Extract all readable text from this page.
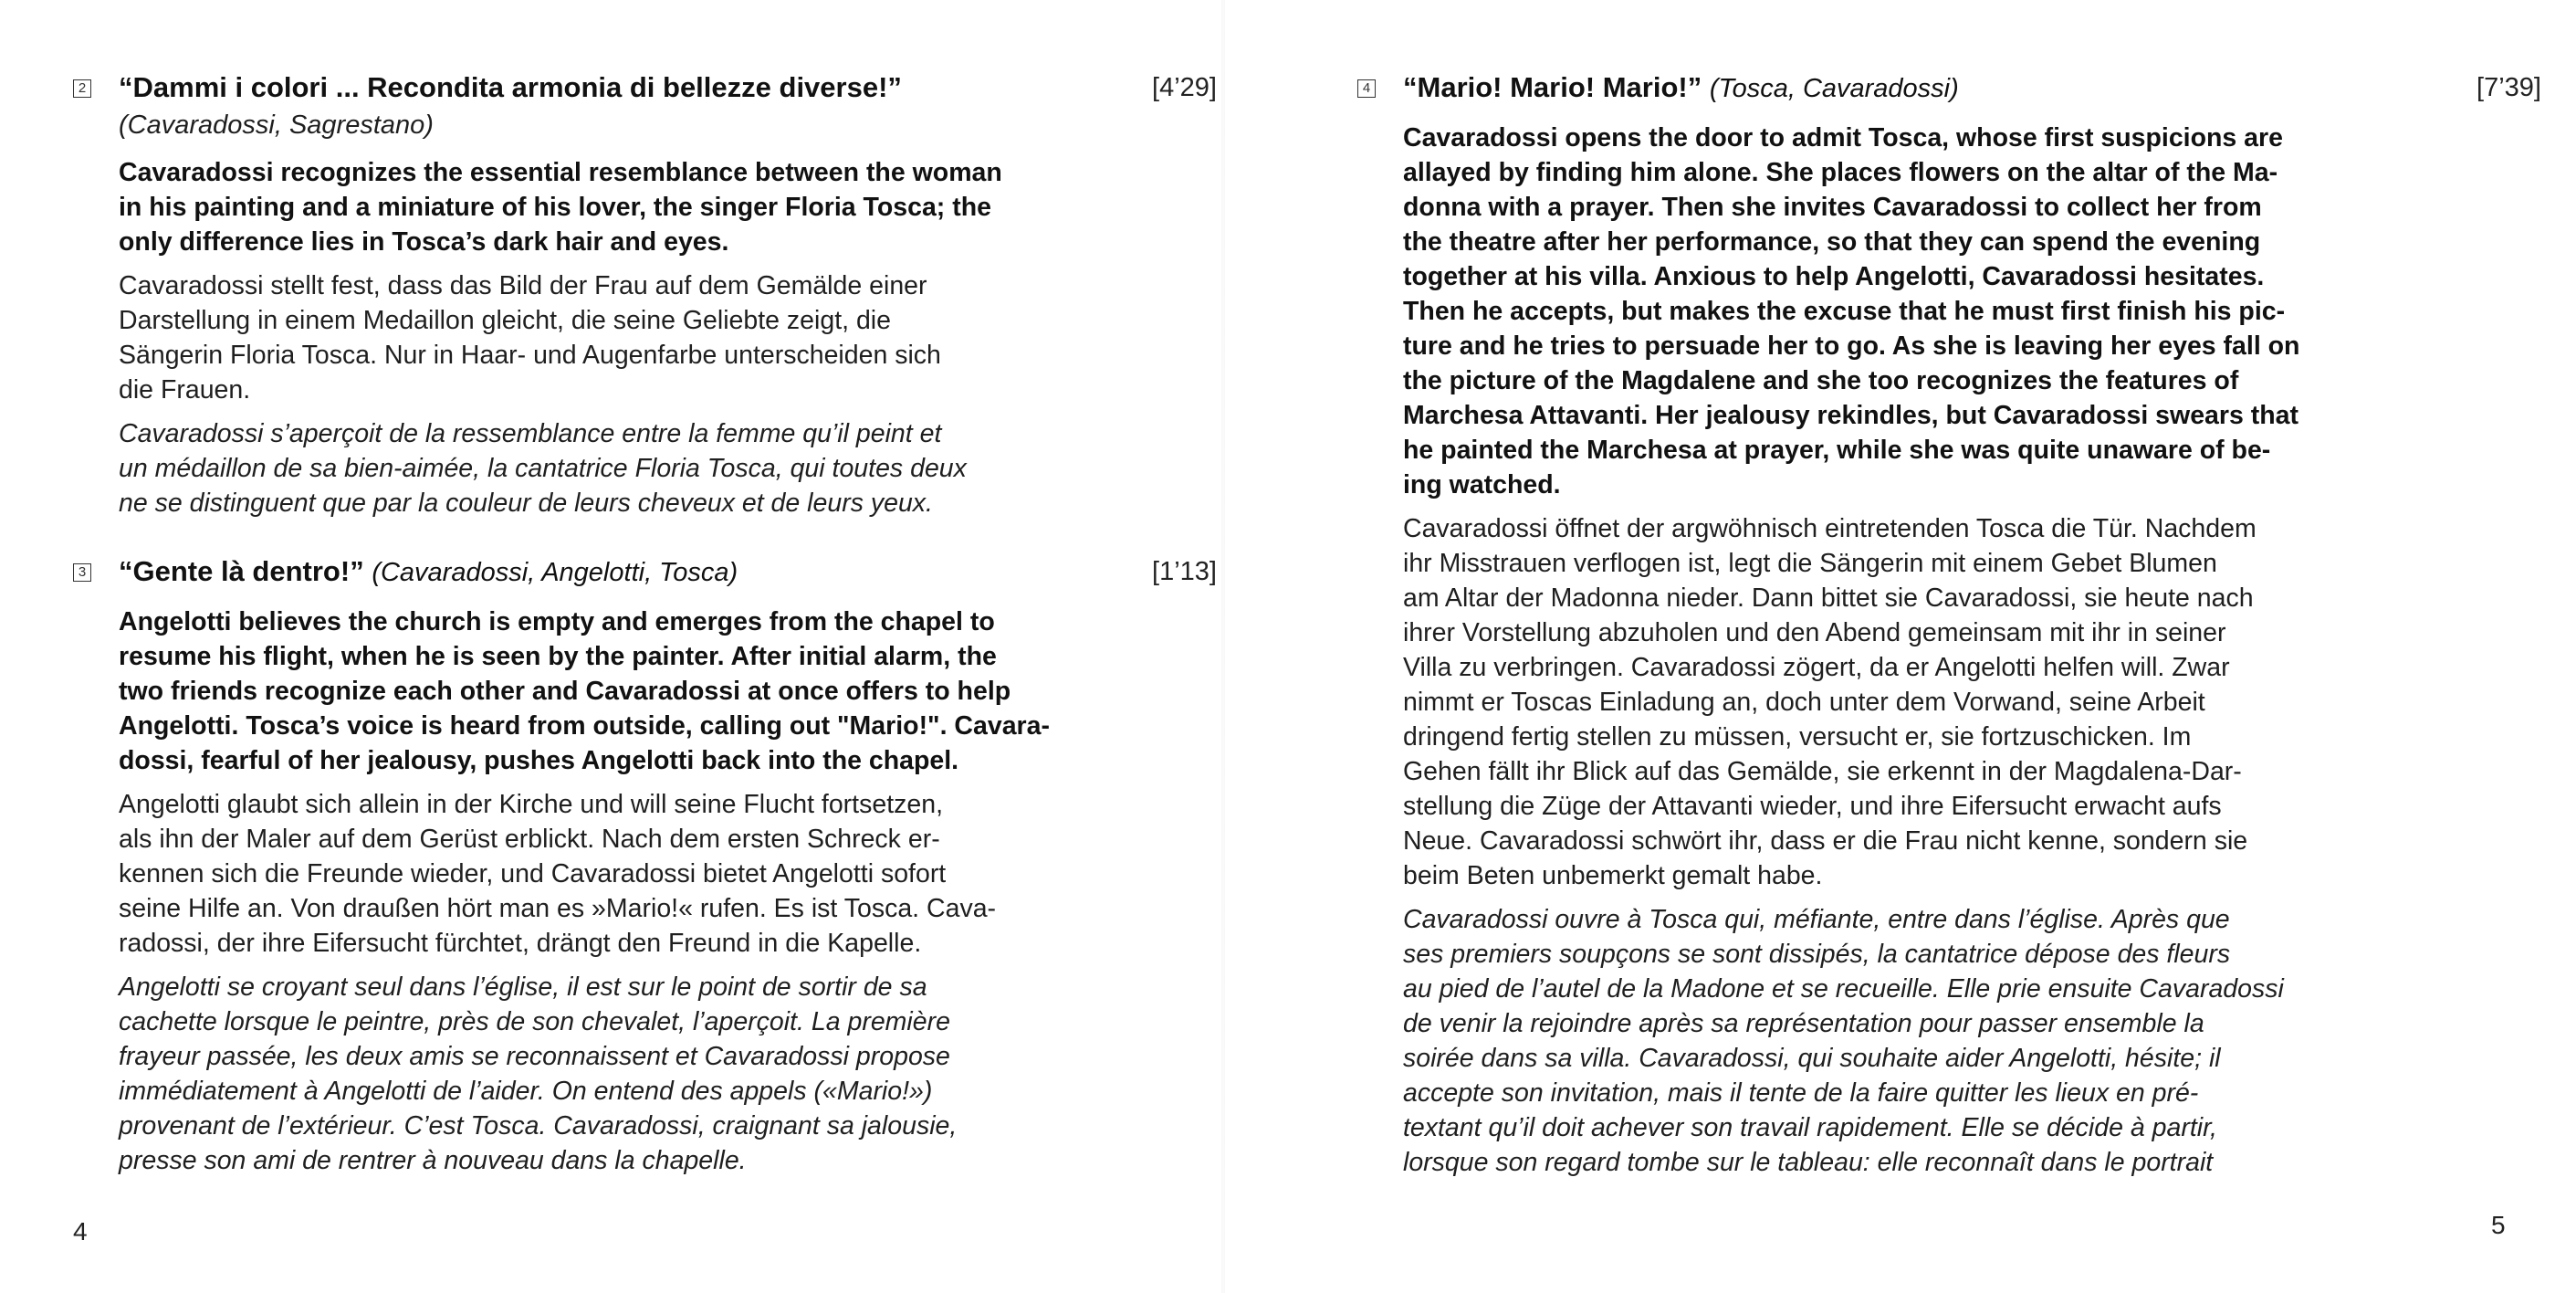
2 “Dammi i colori ... Recondita armonia di bellezze diverse!”	[4’29]
(Cavaradossi, Sagrestano)
Cavaradossi recognizes the essential resemblance between the woman
in his painting and a miniature of his lover, the singer Floria Tosca; the
only difference lies in Tosca’s dark hair and eyes.
Cavaradossi stellt fest, dass das Bild der Frau auf dem Gemälde einer
Darstellung in einem Medaillon gleicht, die seine Geliebte zeigt, die
Sängerin Floria Tosca. Nur in Haar- und Augenfarbe unterscheiden sich
die Frauen.
Cavaradossi s’aperçoit de la ressemblance entre la femme qu’il peint et
un médaillon de sa bien-aimée, la cantatrice Floria Tosca, qui toutes deux
ne se distinguent que par la couleur de leurs cheveux et de leurs yeux.
3 “Gente là dentro!” (Cavaradossi, Angelotti, Tosca)	[1’13]
Angelotti believes the church is empty and emerges from the chapel to
resume his flight, when he is seen by the painter. After initial alarm, the
two friends recognize each other and Cavaradossi at once offers to help
Angelotti. Tosca’s voice is heard from outside, calling out "Mario!". Cavara-
dossi, fearful of her jealousy, pushes Angelotti back into the chapel.
Angelotti glaubt sich allein in der Kirche und will seine Flucht fortsetzen,
als ihn der Maler auf dem Gerüst erblickt. Nach dem ersten Schreck er-
kennen sich die Freunde wieder, und Cavaradossi bietet Angelotti sofort
seine Hilfe an. Von draußen hört man es »Mario!« rufen. Es ist Tosca. Cava-
radossi, der ihre Eifersucht fürchtet, drängt den Freund in die Kapelle.
Angelotti se croyant seul dans l’église, il est sur le point de sortir de sa
cachette lorsque le peintre, près de son chevalet, l’aperçoit. La première
frayeur passée, les deux amis se reconnaissent et Cavaradossi propose
immédiatement à Angelotti de l’aider. On entend des appels («Mario!»)
provenant de l’extérieur. C’est Tosca. Cavaradossi, craignant sa jalousie,
presse son ami de rentrer à nouveau dans la chapelle.
4
4 “Mario! Mario! Mario!” (Tosca, Cavaradossi)	[7’39]
Cavaradossi opens the door to admit Tosca, whose first suspicions are
allayed by finding him alone. She places flowers on the altar of the Ma-
donna with a prayer. Then she invites Cavaradossi to collect her from
the theatre after her performance, so that they can spend the evening
together at his villa. Anxious to help Angelotti, Cavaradossi hesitates.
Then he accepts, but makes the excuse that he must first finish his pic-
ture and he tries to persuade her to go. As she is leaving her eyes fall on
the picture of the Magdalene and she too recognizes the features of
Marchesa Attavanti. Her jealousy rekindles, but Cavaradossi swears that
he painted the Marchesa at prayer, while she was quite unaware of be-
ing watched.
Cavaradossi öffnet der argwöhnisch eintretenden Tosca die Tür. Nachdem
ihr Misstrauen verflogen ist, legt die Sängerin mit einem Gebet Blumen
am Altar der Madonna nieder. Dann bittet sie Cavaradossi, sie heute nach
ihrer Vorstellung abzuholen und den Abend gemeinsam mit ihr in seiner
Villa zu verbringen. Cavaradossi zögert, da er Angelotti helfen will. Zwar
nimmt er Toscas Einladung an, doch unter dem Vorwand, seine Arbeit
dringend fertig stellen zu müssen, versucht er, sie fortzuschicken. Im
Gehen fällt ihr Blick auf das Gemälde, sie erkennt in der Magdalena-Dar-
stellung die Züge der Attavanti wieder, und ihre Eifersucht erwacht aufs
Neue. Cavaradossi schwört ihr, dass er die Frau nicht kenne, sondern sie
beim Beten unbemerkt gemalt habe.
Cavaradossi ouvre à Tosca qui, méfiante, entre dans l’église. Après que
ses premiers soupçons se sont dissipés, la cantatrice dépose des fleurs
au pied de l’autel de la Madone et se recueille. Elle prie ensuite Cavaradossi
de venir la rejoindre après sa représentation pour passer ensemble la
soirée dans sa villa. Cavaradossi, qui souhaite aider Angelotti, hésite; il
accepte son invitation, mais il tente de la faire quitter les lieux en pré-
textant qu’il doit achever son travail rapidement. Elle se décide à partir,
lorsque son regard tombe sur le tableau: elle reconnaît dans le portrait
5
